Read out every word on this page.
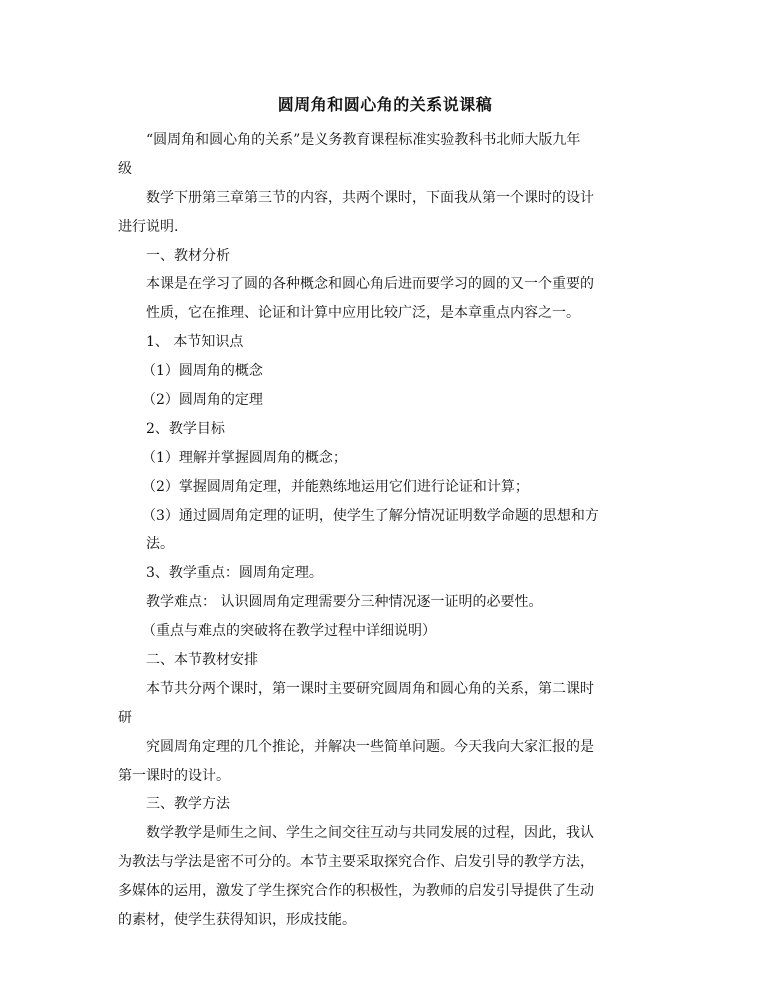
圆周角和圆心角的关系说课稿
“圆周角和圆心角的关系”是义务教育课程标准实验教科书北师大版九年
级
数学下册第三章第三节的内容，共两个课时，下面我从第一个课时的设计
进行说明.
一、教材分析
本课是在学习了圆的各种概念和圆心角后进而要学习的圆的又一个重要的
性质，它在推理、论证和计算中应用比较广泛，是本章重点内容之一。
1、 本节知识点
（1）圆周角的概念
（2）圆周角的定理
2、教学目标
（1）理解并掌握圆周角的概念；
（2）掌握圆周角定理，并能熟练地运用它们进行论证和计算；
（3）通过圆周角定理的证明，使学生了解分情况证明数学命题的思想和方
法。
3、教学重点：圆周角定理。
教学难点： 认识圆周角定理需要分三种情况逐一证明的必要性。
（重点与难点的突破将在教学过程中详细说明）
二、本节教材安排
本节共分两个课时，第一课时主要研究圆周角和圆心角的关系，第二课时
研
究圆周角定理的几个推论，并解决一些简单问题。今天我向大家汇报的是
第一课时的设计。
三、教学方法
数学教学是师生之间、学生之间交往互动与共同发展的过程，因此，我认
为教法与学法是密不可分的。本节主要采取探究合作、启发引导的教学方法，
多媒体的运用，激发了学生探究合作的积极性，为教师的启发引导提供了生动
的素材，使学生获得知识，形成技能。
